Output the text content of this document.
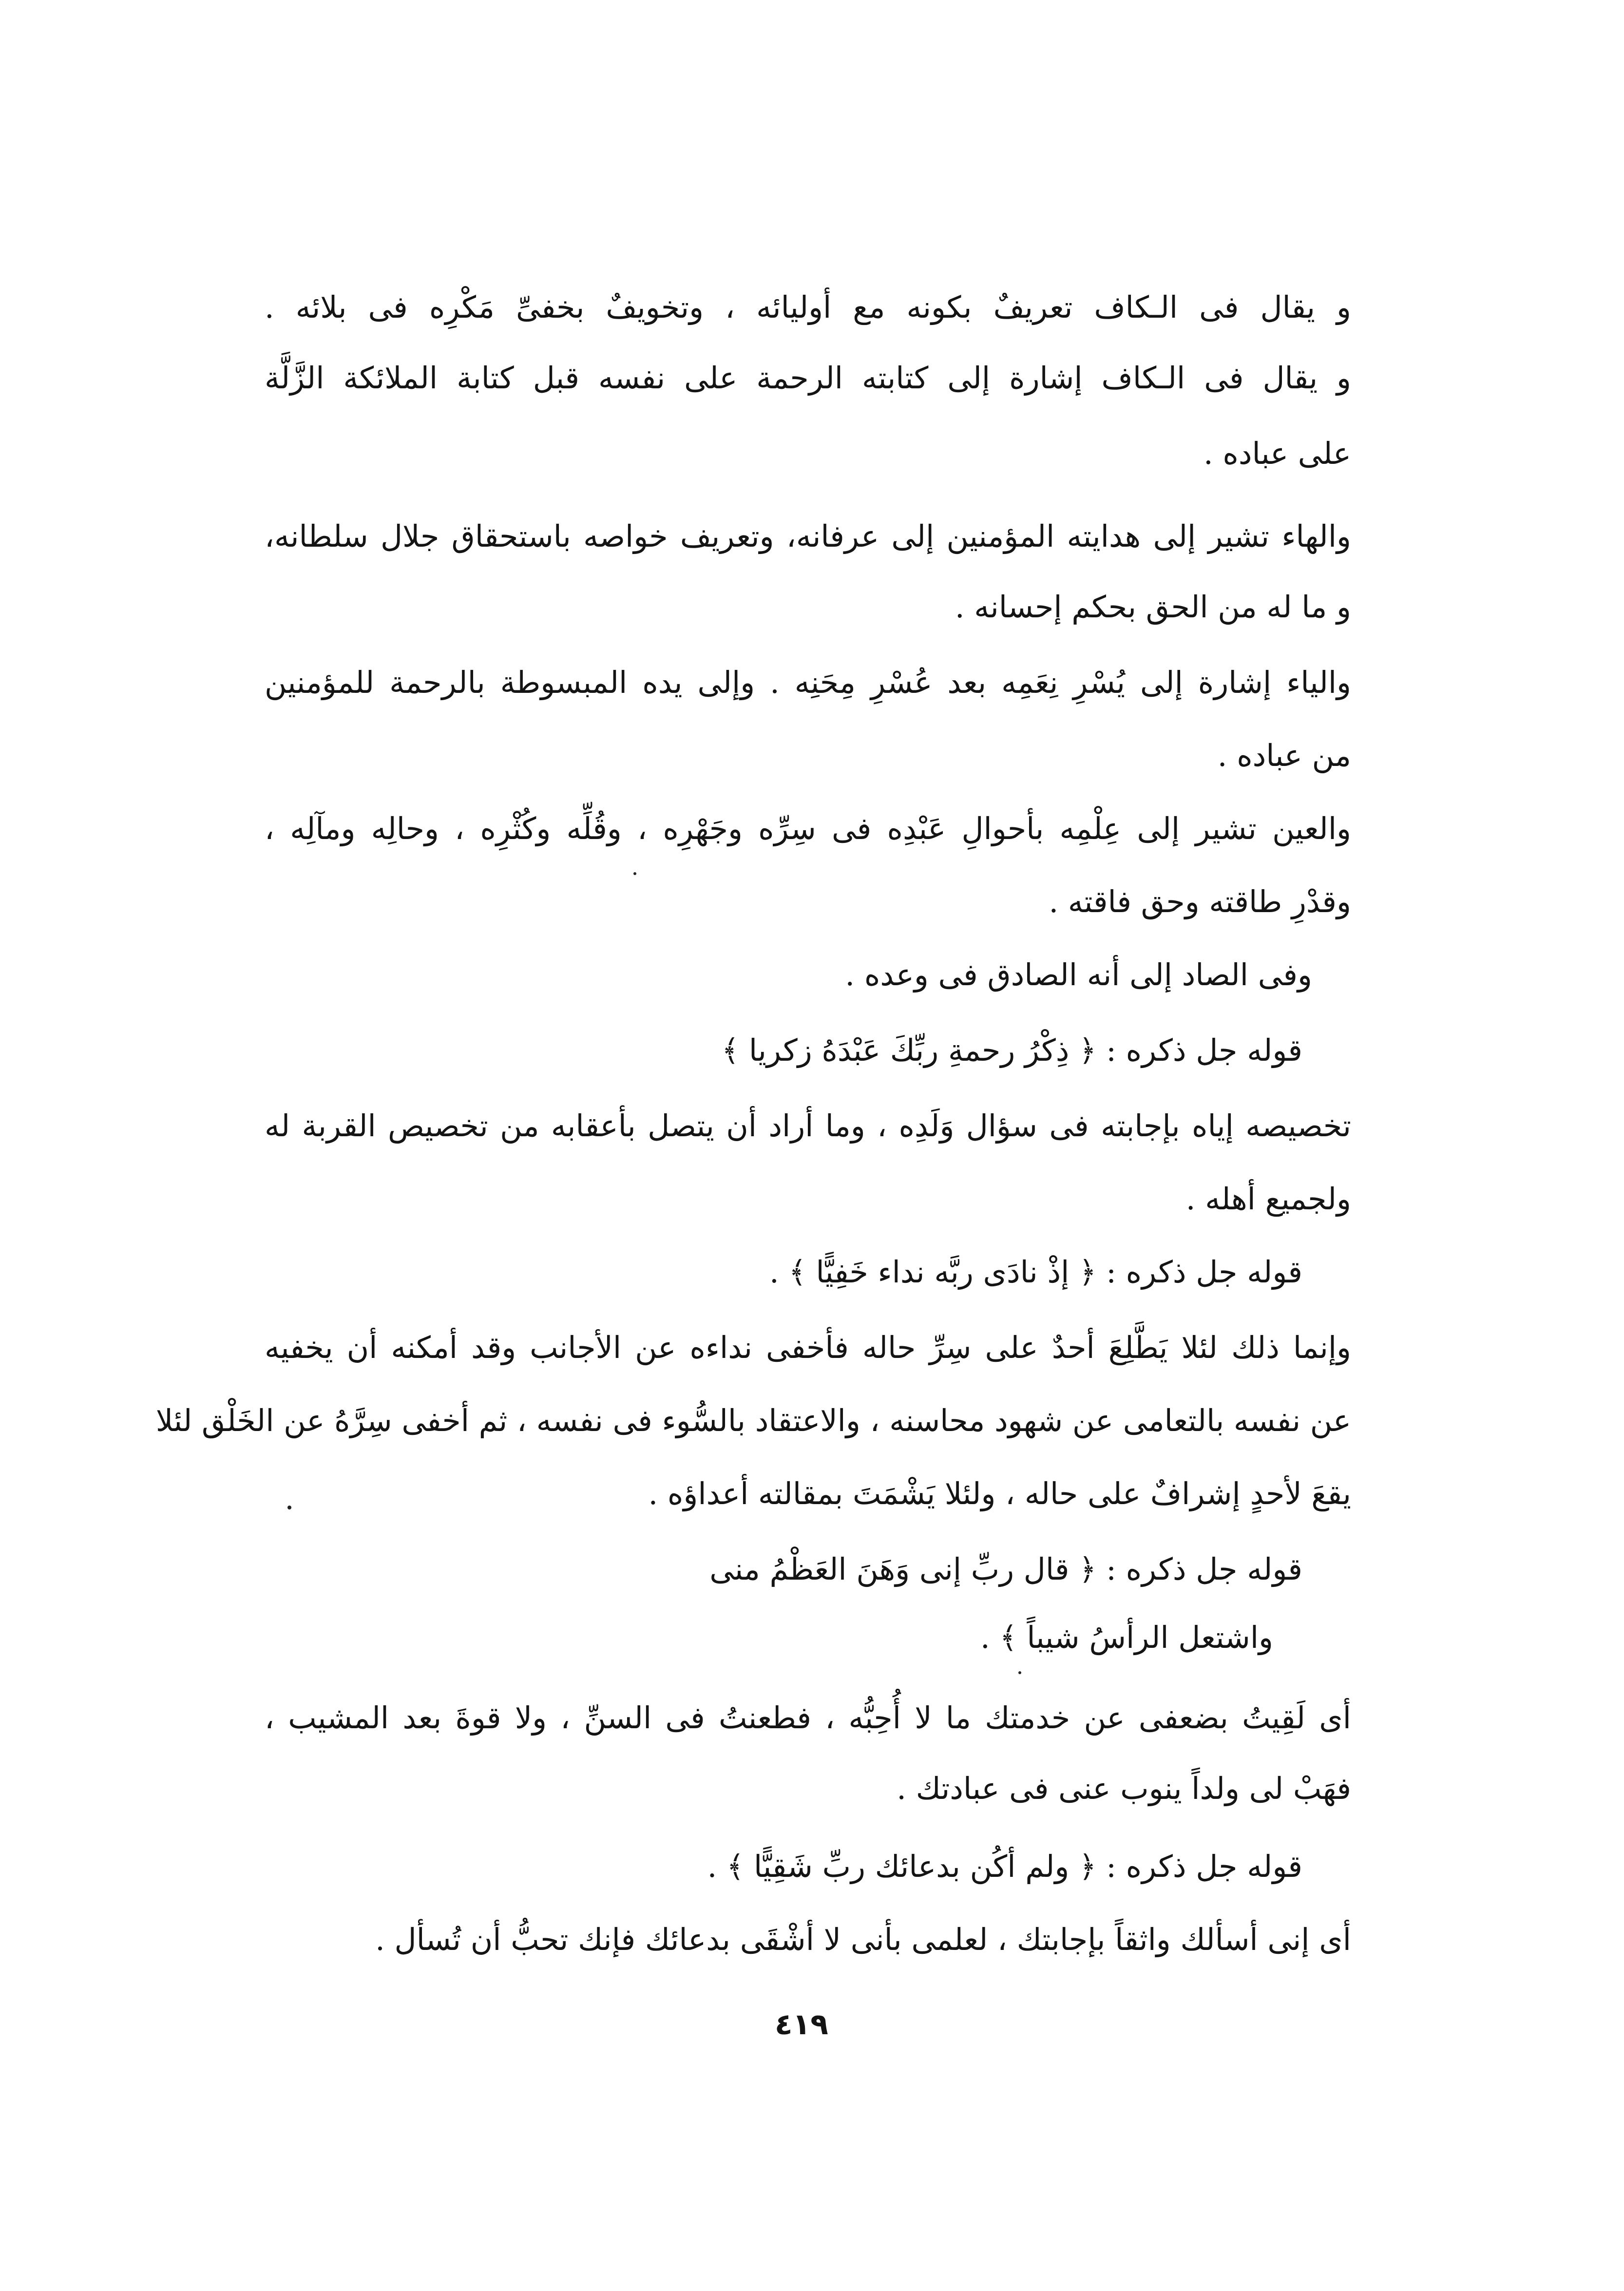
و يقال فى الـكاف تعريفٌ بكونه مع أوليائه ، وتخويفٌ بخفىِّ مَكْرِه فى بلائه .
و يقال فى الـكاف إشارة إلى كتابته الرحمة على نفسه قبل كتابة الملائكة الزَّلَّة
على عباده .
والهاء تشير إلى هدايته المؤمنين إلى عرفانه، وتعريف خواصه باستحقاق جلال سلطانه،
و ما له من الحق بحكم إحسانه .
والياء إشارة إلى يُسْرِ نِعَمِه بعد عُسْرِ مِحَنِه . وإلى يده المبسوطة بالرحمة للمؤمنين
من عباده .
والعين تشير إلى عِلْمِه بأحوالِ عَبْدِه فى سِرِّه وجَهْرِه ، وقُلِّه وكُثْرِه ، وحالِه ومآلِه ،
وقدْرِ طاقته وحق فاقته .
وفى الصاد إلى أنه الصادق فى وعده .
قوله جل ذكره : ﴿ ذِكْرُ رحمةِ ربِّكَ عَبْدَهُ زكريا ﴾
تخصيصه إياه بإجابته فى سؤال وَلَدِه ، وما أراد أن يتصل بأعقابه من تخصيص القربة له
ولجميع أهله .
قوله جل ذكره : ﴿ إذْ نادَى ربَّه نداء خَفِيًّا ﴾ .
وإنما ذلك لئلا يَطَّلِعَ أحدٌ على سِرِّ حاله فأخفى نداءه عن الأجانب وقد أمكنه أن يخفيه
عن نفسه بالتعامى عن شهود محاسنه ، والاعتقاد بالسُّوء فى نفسه ، ثم أخفى سِرَّهُ عن الخَلْق لئلا
يقعَ لأحدٍ إشرافٌ على حاله ، ولئلا يَشْمَتَ بمقالته أعداؤه .
قوله جل ذكره : ﴿ قال ربِّ إنى وَهَنَ العَظْمُ منى
واشتعل الرأسُ شيباً ﴾ .
أى لَقِيتُ بضعفى عن خدمتك ما لا أُحِبُّه ، فطعنتُ فى السنِّ ، ولا قوةَ بعد المشيب ،
فهَبْ لى ولداً ينوب عنى فى عبادتك .
قوله جل ذكره : ﴿ ولم أكُن بدعائك ربِّ شَقِيًّا ﴾ .
أى إنى أسألك واثقاً بإجابتك ، لعلمى بأنى لا أشْقَى بدعائك فإنك تحبُّ أن تُسأل .
٤١٩
